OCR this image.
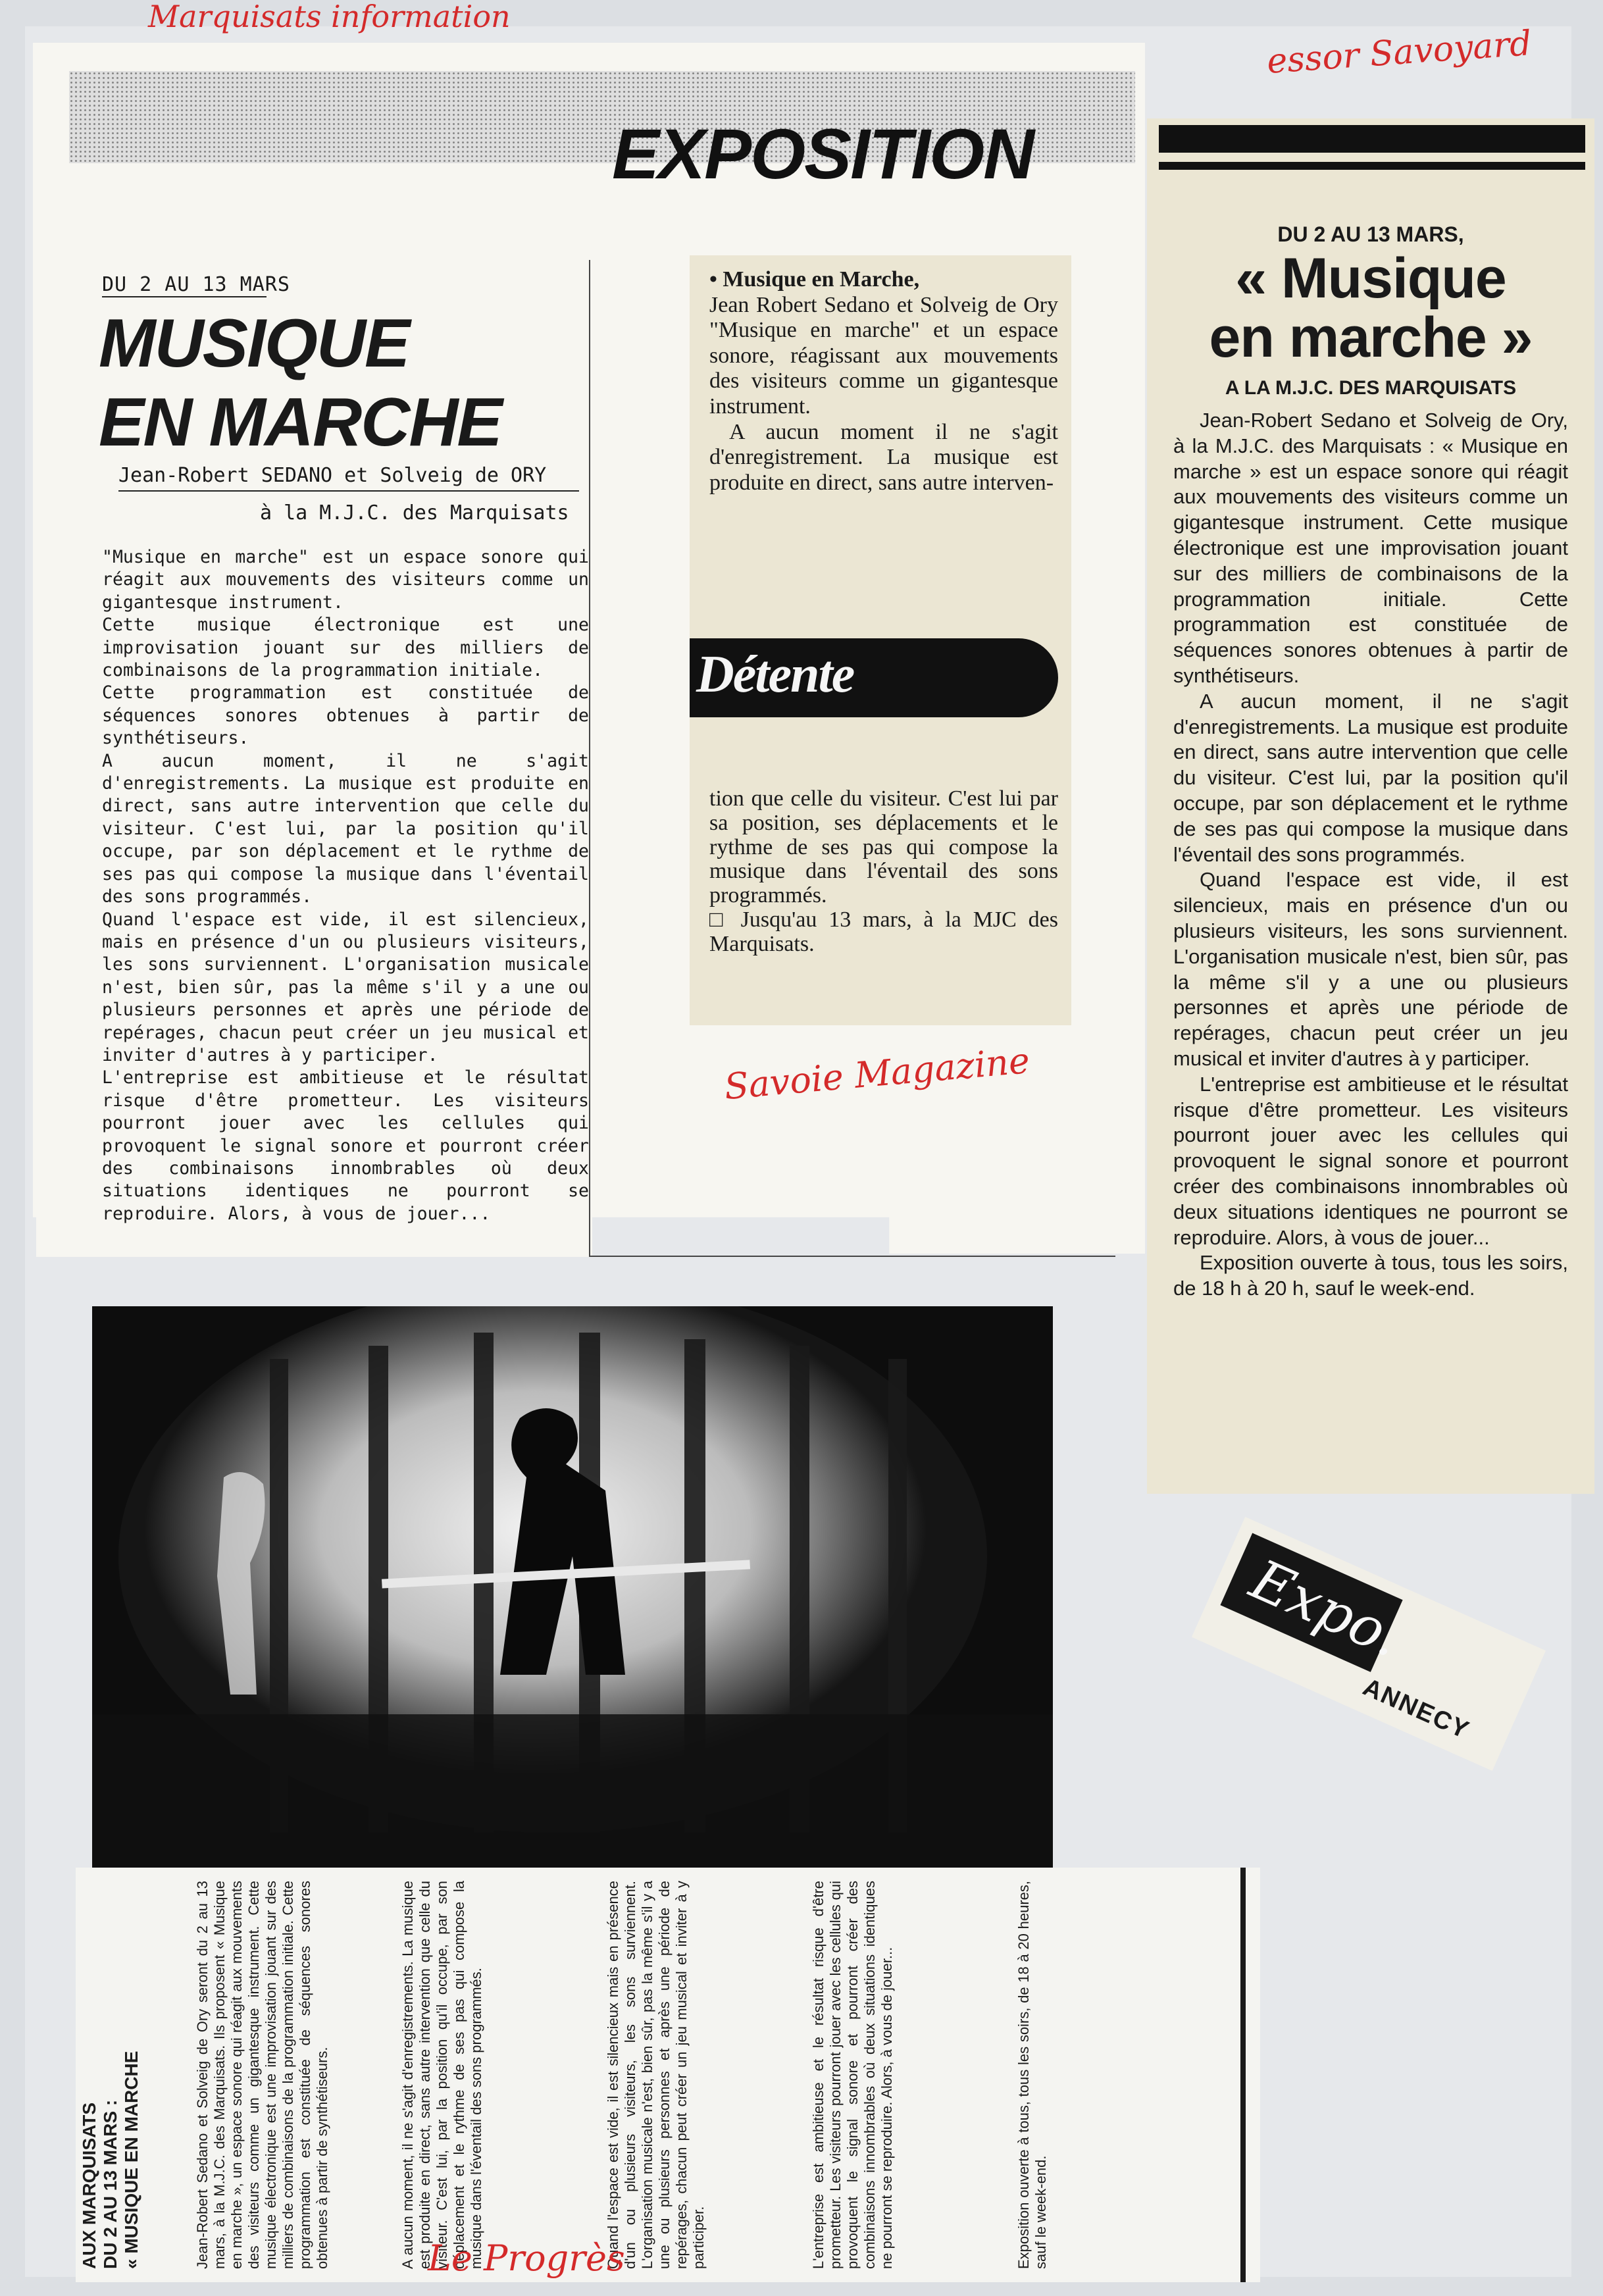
Marquisats information
essor Savoyard
EXPOSITION
DU 2 AU 13 MARS
MUSIQUE
EN MARCHE
Jean-Robert SEDANO et Solveig de ORY
à la M.J.C. des Marquisats

"Musique en marche" est un espace sonore qui réagit aux mouvements des visiteurs comme un gigantesque instrument.

Cette musique électronique est une improvisation jouant sur des milliers de combinaisons de la programmation initiale.

Cette programmation est constituée de séquences sonores obtenues à partir de synthétiseurs.

A aucun moment, il ne s'agit d'enregistrements. La musique est produite en direct, sans autre intervention que celle du visiteur. C'est lui, par la position qu'il occupe, par son déplacement et le rythme de ses pas qui compose la musique dans l'éventail des sons programmés.

Quand l'espace est vide, il est silencieux, mais en présence d'un ou plusieurs visiteurs, les sons surviennent. L'organisation musicale n'est, bien sûr, pas la même s'il y a une ou plusieurs personnes et après une période de repérages, chacun peut créer un jeu musical et inviter d'autres à y participer.

L'entreprise est ambitieuse et le résultat risque d'être prometteur. Les visiteurs pourront jouer avec les cellules qui provoquent le signal sonore et pourront créer des combinaisons innombrables où deux situations identiques ne pourront se reproduire. Alors, à vous de jouer...

• Musique en Marche,

Jean Robert Sedano et Solveig de Ory "Musique en marche" et un espace sonore, réagissant aux mouvements des visiteurs comme un gigantesque instrument.

A aucun moment il ne s'agit d'enregistrement. La musique est produite en direct, sans autre interven-

Détente

tion que celle du visiteur. C'est lui par sa position, ses déplacements et le rythme de ses pas qui compose la musique dans l'éventail des sons programmés.

□ Jusqu'au 13 mars, à la MJC des Marquisats.

Savoie Magazine
DU 2 AU 13 MARS,
« Musique
en marche »
A LA M.J.C. DES MARQUISATS

Jean-Robert Sedano et Solveig de Ory, à la M.J.C. des Marquisats : « Musique en marche » est un espace sonore qui réagit aux mouvements des visiteurs comme un gigantesque instrument. Cette musique électronique est une improvisation jouant sur des milliers de combinaisons de la programmation initiale. Cette programmation est constituée de séquences sonores obtenues à partir de synthétiseurs.

A aucun moment, il ne s'agit d'enregistrements. La musique est produite en direct, sans autre intervention que celle du visiteur. C'est lui, par la position qu'il occupe, par son déplacement et le rythme de ses pas qui compose la musique dans l'éventail des sons programmés.

Quand l'espace est vide, il est silencieux, mais en présence d'un ou plusieurs visiteurs, les sons surviennent. L'organisation musicale n'est, bien sûr, pas la même s'il y a une ou plusieurs personnes et après une période de repérages, chacun peut créer un jeu musical et inviter d'autres à y participer.

L'entreprise est ambitieuse et le résultat risque d'être prometteur. Les visiteurs pourront jouer avec les cellules qui provoquent le signal sonore et pourront créer des combinaisons innombrables où deux situations identiques ne pourront se reproduire. Alors, à vous de jouer...

Exposition ouverte à tous, tous les soirs, de 18 h à 20 h, sauf le week-end.

Expo.
ANNECY
AUX MARQUISATS DU 2 AU 13 MARS : « MUSIQUE EN MARCHE	Jean-Robert Sedano et Solveig de Ory seront du 2 au 13 mars, à la M.J.C. des Marquisats. Ils proposent « Musique en marche », un espace sonore qui réagit aux mouvements des visiteurs comme un gigantesque instrument. Cette musique électronique est une improvisation jouant sur des milliers de combinaisons de la programmation initiale. Cette programmation est constituée de séquences sonores obtenues à partir de synthétiseurs.	A aucun moment, il ne s'agit d'enregistrements. La musique est produite en direct, sans autre intervention que celle du visiteur. C'est lui, par la position qu'il occupe, par son déplacement et le rythme de ses pas qui compose la musique dans l'éventail des sons programmés.	Quand l'espace est vide, il est silencieux mais en présence d'un ou plusieurs visiteurs, les sons surviennent. L'organisation musicale n'est, bien sûr, pas la même s'il y a une ou plusieurs personnes et après une période de repérages, chacun peut créer un jeu musical et inviter à y participer.	L'entreprise est ambitieuse et le résultat risque d'être prometteur. Les visiteurs pourront jouer avec les cellules qui provoquent le signal sonore et pourront créer des combinaisons innombrables où deux situations identiques ne pourront se reproduire. Alors, à vous de jouer...	Exposition ouverte à tous, tous les soirs, de 18 à 20 heures, sauf le week-end.
Le Progrès
